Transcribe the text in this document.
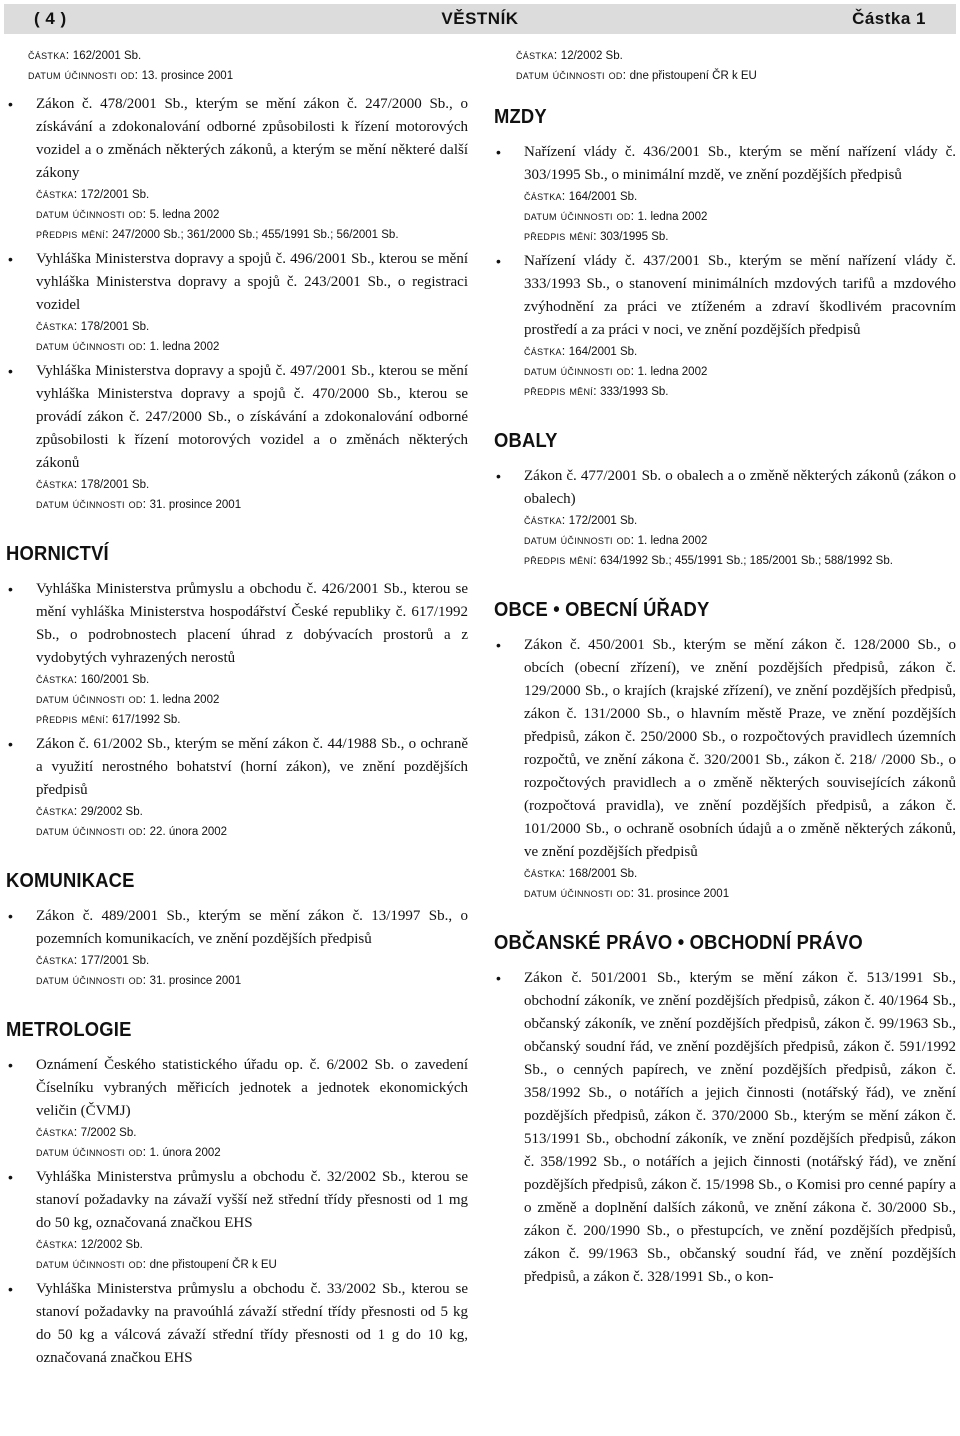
( 4 )	VĚSTNÍK	Částka 1
částka: 162/2001 Sb.
datum účinnosti od: 13. prosince 2001
• Zákon č. 478/2001 Sb., kterým se mění zákon č. 247/2000 Sb., o získávání a zdokonalování odborné způsobilosti k řízení motorových vozidel a o změnách některých zákonů, a kterým se mění některé další zákony
částka: 172/2001 Sb.
datum účinnosti od: 5. ledna 2002
předpis mění: 247/2000 Sb.; 361/2000 Sb.; 455/1991 Sb.; 56/2001 Sb.
• Vyhláška Ministerstva dopravy a spojů č. 496/2001 Sb., kterou se mění vyhláška Ministerstva dopravy a spojů č. 243/2001 Sb., o registraci vozidel
částka: 178/2001 Sb.
datum účinnosti od: 1. ledna 2002
• Vyhláška Ministerstva dopravy a spojů č. 497/2001 Sb., kterou se mění vyhláška Ministerstva dopravy a spojů č. 470/2000 Sb., kterou se provádí zákon č. 247/2000 Sb., o získávání a zdokonalování odborné způsobilosti k řízení motorových vozidel a o změnách některých zákonů
částka: 178/2001 Sb.
datum účinnosti od: 31. prosince 2001
HORNICTVÍ
• Vyhláška Ministerstva průmyslu a obchodu č. 426/2001 Sb., kterou se mění vyhláška Ministerstva hospodářství České republiky č. 617/1992 Sb., o podrobnostech placení úhrad z dobývacích prostorů a z vydobytých vyhrazených nerostů
částka: 160/2001 Sb.
datum účinnosti od: 1. ledna 2002
předpis mění: 617/1992 Sb.
• Zákon č. 61/2002 Sb., kterým se mění zákon č. 44/1988 Sb., o ochraně a využití nerostného bohatství (horní zákon), ve znění pozdějších předpisů
částka: 29/2002 Sb.
datum účinnosti od: 22. února 2002
KOMUNIKACE
• Zákon č. 489/2001 Sb., kterým se mění zákon č. 13/1997 Sb., o pozemních komunikacích, ve znění pozdějších předpisů
částka: 177/2001 Sb.
datum účinnosti od: 31. prosince 2001
METROLOGIE
• Oznámení Českého statistického úřadu op. č. 6/2002 Sb. o zavedení Číselníku vybraných měřicích jednotek a jednotek ekonomických veličin (ČVMJ)
částka: 7/2002 Sb.
datum účinnosti od: 1. února 2002
• Vyhláška Ministerstva průmyslu a obchodu č. 32/2002 Sb., kterou se stanoví požadavky na závaží vyšší než střední třídy přesnosti od 1 mg do 50 kg, označovaná značkou EHS
částka: 12/2002 Sb.
datum účinnosti od: dne přistoupení ČR k EU
• Vyhláška Ministerstva průmyslu a obchodu č. 33/2002 Sb., kterou se stanoví požadavky na pravoúhlá závaží střední třídy přesnosti od 5 kg do 50 kg a válcová závaží střední třídy přesnosti od 1 g do 10 kg, označovaná značkou EHS
částka: 12/2002 Sb.
datum účinnosti od: dne přistoupení ČR k EU
MZDY
• Nařízení vlády č. 436/2001 Sb., kterým se mění nařízení vlády č. 303/1995 Sb., o minimální mzdě, ve znění pozdějších předpisů
částka: 164/2001 Sb.
datum účinnosti od: 1. ledna 2002
předpis mění: 303/1995 Sb.
• Nařízení vlády č. 437/2001 Sb., kterým se mění nařízení vlády č. 333/1993 Sb., o stanovení minimálních mzdových tarifů a mzdového zvýhodnění za práci ve ztíženém a zdraví škodlivém pracovním prostředí a za práci v noci, ve znění pozdějších předpisů
částka: 164/2001 Sb.
datum účinnosti od: 1. ledna 2002
předpis mění: 333/1993 Sb.
OBALY
• Zákon č. 477/2001 Sb. o obalech a o změně některých zákonů (zákon o obalech)
částka: 172/2001 Sb.
datum účinnosti od: 1. ledna 2002
předpis mění: 634/1992 Sb.; 455/1991 Sb.; 185/2001 Sb.; 588/1992 Sb.
OBCE • OBECNÍ ÚŘADY
• Zákon č. 450/2001 Sb., kterým se mění zákon č. 128/2000 Sb., o obcích (obecní zřízení), ve znění pozdějších předpisů, zákon č. 129/2000 Sb., o krajích (krajské zřízení), ve znění pozdějších předpisů, zákon č. 131/2000 Sb., o hlavním městě Praze, ve znění pozdějších předpisů, zákon č. 250/2000 Sb., o rozpočtových pravidlech územních rozpočtů, ve znění zákona č. 320/2001 Sb., zákon č. 218/ /2000 Sb., o rozpočtových pravidlech a o změně některých souvisejících zákonů (rozpočtová pravidla), ve znění pozdějších předpisů, a zákon č. 101/2000 Sb., o ochraně osobních údajů a o změně některých zákonů, ve znění pozdějších předpisů
částka: 168/2001 Sb.
datum účinnosti od: 31. prosince 2001
OBČANSKÉ PRÁVO • OBCHODNÍ PRÁVO
• Zákon č. 501/2001 Sb., kterým se mění zákon č. 513/1991 Sb., obchodní zákoník, ve znění pozdějších předpisů, zákon č. 40/1964 Sb., občanský zákoník, ve znění pozdějších předpisů, zákon č. 99/1963 Sb., občanský soudní řád, ve znění pozdějších předpisů, zákon č. 591/1992 Sb., o cenných papírech, ve znění pozdějších předpisů, zákon č. 358/1992 Sb., o notářích a jejich činnosti (notářský řád), ve znění pozdějších předpisů, zákon č. 370/2000 Sb., kterým se mění zákon č. 513/1991 Sb., obchodní zákoník, ve znění pozdějších předpisů, zákon č. 358/1992 Sb., o notářích a jejich činnosti (notářský řád), ve znění pozdějších předpisů, zákon č. 15/1998 Sb., o Komisi pro cenné papíry a o změně a doplnění dalších zákonů, ve znění zákona č. 30/2000 Sb., zákon č. 200/1990 Sb., o přestupcích, ve znění pozdějších předpisů, zákon č. 99/1963 Sb., občanský soudní řád, ve znění pozdějších předpisů, a zákon č. 328/1991 Sb., o kon-
